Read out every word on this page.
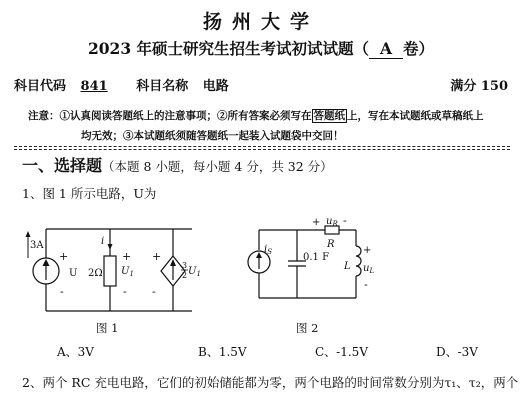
扬州大学
2023 年硕士研究生招生考试初试试题（ A 卷）
科目代码 841 科目名称 电路	满分 150
注意：①认真阅读答题纸上的注意事项；②所有答案必须写在 答题纸 上，写在本试题纸或草稿纸上
均无效；③本试题纸须随答题纸一起装入试题袋中交回！
一、选择题（本题 8 小题，每小题 4 分，共 32 分）
1、图 1 所示电路，U为
3A
+
-
U 2Ω
i
+
-
$U_1$
+
-
3
2 $U_1$
$i_S$	0.1 F
+ $u_R$ -
R
+
L $u_L$
-
图 1	图 2
A、3V	B、1.5V	C、-1.5V	D、-3V
2、两个 RC 充电电路，它们的初始储能都为零，两个电路的时间常数分别为τ₁、τ₂，两个
